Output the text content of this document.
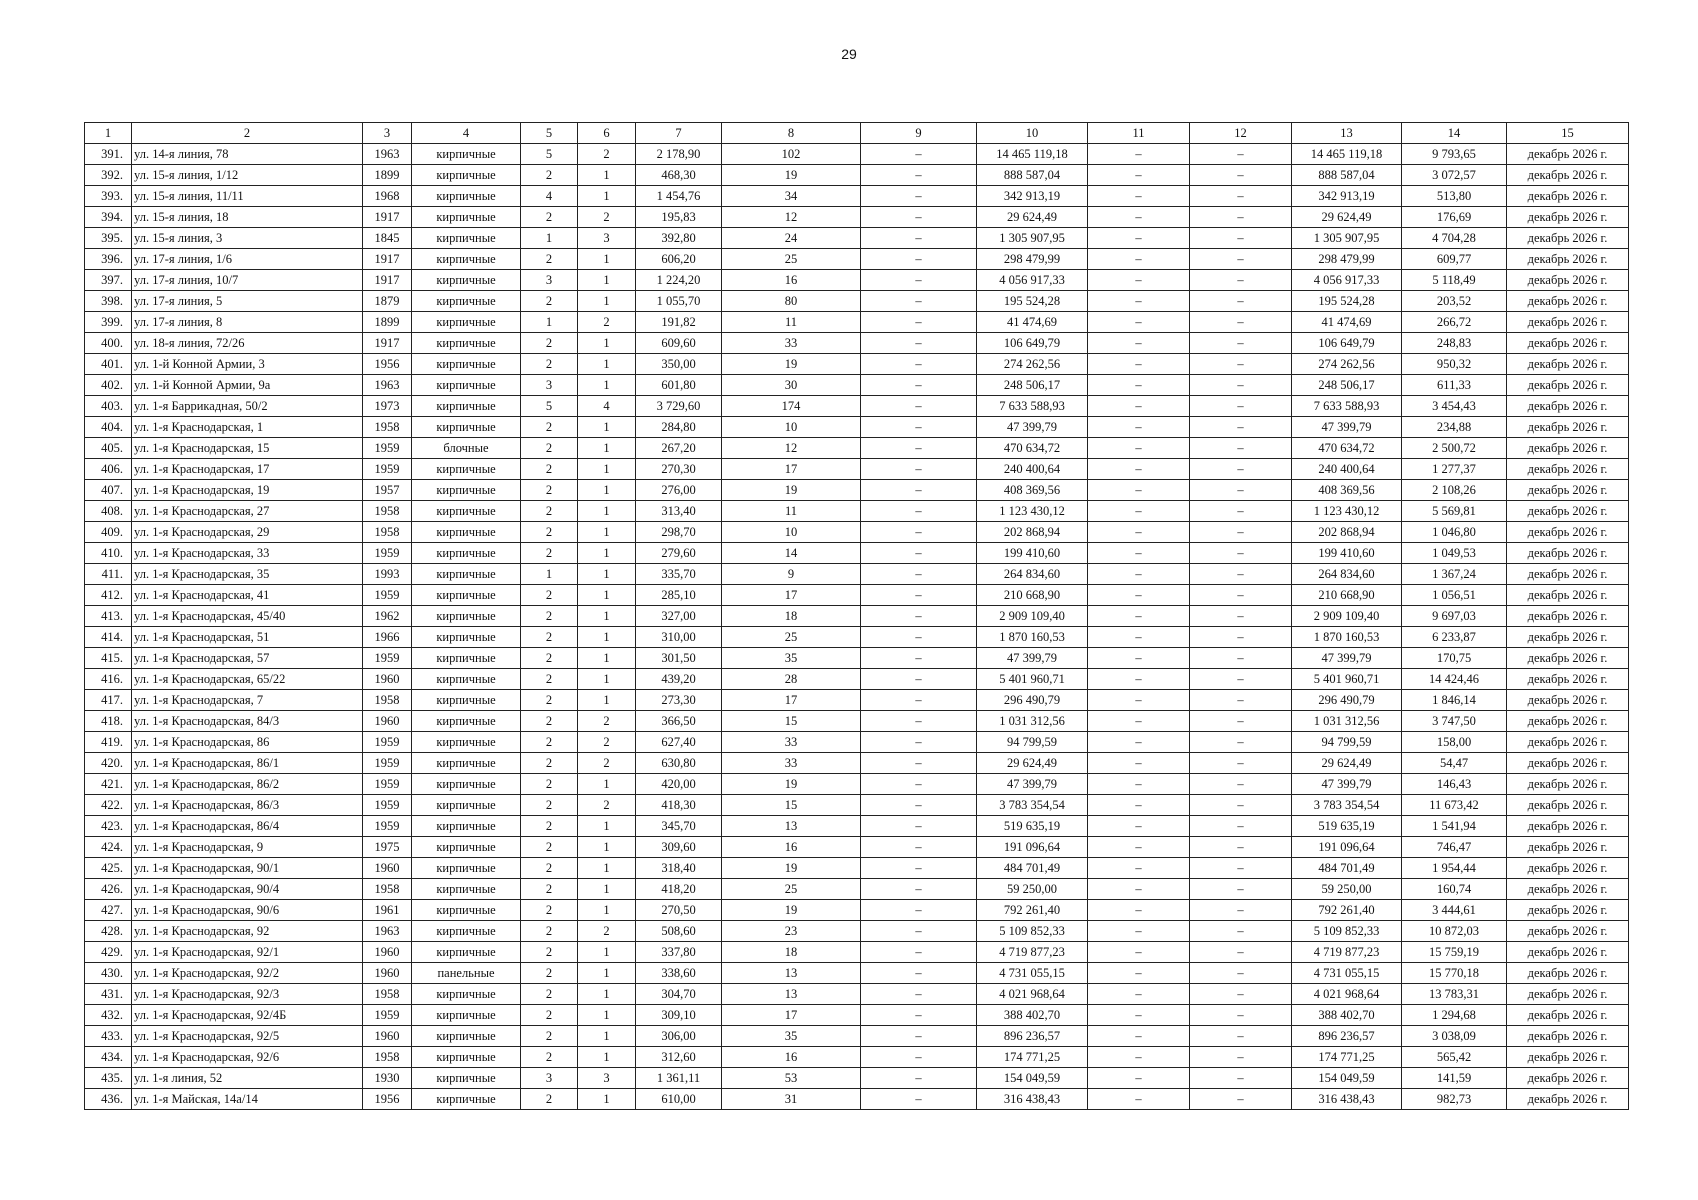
29
1	2	3	4	5	6	7	8	9	10	11	12	13	14	15
391.	ул. 14-я линия, 78	1963	кирпичные	5	2	2 178,90	102	–	14 465 119,18	–	–	14 465 119,18	9 793,65	декабрь 2026 г.
392.	ул. 15-я линия, 1/12	1899	кирпичные	2	1	468,30	19	–	888 587,04	–	–	888 587,04	3 072,57	декабрь 2026 г.
393.	ул. 15-я линия, 11/11	1968	кирпичные	4	1	1 454,76	34	–	342 913,19	–	–	342 913,19	513,80	декабрь 2026 г.
394.	ул. 15-я линия, 18	1917	кирпичные	2	2	195,83	12	–	29 624,49	–	–	29 624,49	176,69	декабрь 2026 г.
395.	ул. 15-я линия, 3	1845	кирпичные	1	3	392,80	24	–	1 305 907,95	–	–	1 305 907,95	4 704,28	декабрь 2026 г.
396.	ул. 17-я линия, 1/6	1917	кирпичные	2	1	606,20	25	–	298 479,99	–	–	298 479,99	609,77	декабрь 2026 г.
397.	ул. 17-я линия, 10/7	1917	кирпичные	3	1	1 224,20	16	–	4 056 917,33	–	–	4 056 917,33	5 118,49	декабрь 2026 г.
398.	ул. 17-я линия, 5	1879	кирпичные	2	1	1 055,70	80	–	195 524,28	–	–	195 524,28	203,52	декабрь 2026 г.
399.	ул. 17-я линия, 8	1899	кирпичные	1	2	191,82	11	–	41 474,69	–	–	41 474,69	266,72	декабрь 2026 г.
400.	ул. 18-я линия, 72/26	1917	кирпичные	2	1	609,60	33	–	106 649,79	–	–	106 649,79	248,83	декабрь 2026 г.
401.	ул. 1-й Конной Армии, 3	1956	кирпичные	2	1	350,00	19	–	274 262,56	–	–	274 262,56	950,32	декабрь 2026 г.
402.	ул. 1-й Конной Армии, 9а	1963	кирпичные	3	1	601,80	30	–	248 506,17	–	–	248 506,17	611,33	декабрь 2026 г.
403.	ул. 1-я Баррикадная, 50/2	1973	кирпичные	5	4	3 729,60	174	–	7 633 588,93	–	–	7 633 588,93	3 454,43	декабрь 2026 г.
404.	ул. 1-я Краснодарская, 1	1958	кирпичные	2	1	284,80	10	–	47 399,79	–	–	47 399,79	234,88	декабрь 2026 г.
405.	ул. 1-я Краснодарская, 15	1959	блочные	2	1	267,20	12	–	470 634,72	–	–	470 634,72	2 500,72	декабрь 2026 г.
406.	ул. 1-я Краснодарская, 17	1959	кирпичные	2	1	270,30	17	–	240 400,64	–	–	240 400,64	1 277,37	декабрь 2026 г.
407.	ул. 1-я Краснодарская, 19	1957	кирпичные	2	1	276,00	19	–	408 369,56	–	–	408 369,56	2 108,26	декабрь 2026 г.
408.	ул. 1-я Краснодарская, 27	1958	кирпичные	2	1	313,40	11	–	1 123 430,12	–	–	1 123 430,12	5 569,81	декабрь 2026 г.
409.	ул. 1-я Краснодарская, 29	1958	кирпичные	2	1	298,70	10	–	202 868,94	–	–	202 868,94	1 046,80	декабрь 2026 г.
410.	ул. 1-я Краснодарская, 33	1959	кирпичные	2	1	279,60	14	–	199 410,60	–	–	199 410,60	1 049,53	декабрь 2026 г.
411.	ул. 1-я Краснодарская, 35	1993	кирпичные	1	1	335,70	9	–	264 834,60	–	–	264 834,60	1 367,24	декабрь 2026 г.
412.	ул. 1-я Краснодарская, 41	1959	кирпичные	2	1	285,10	17	–	210 668,90	–	–	210 668,90	1 056,51	декабрь 2026 г.
413.	ул. 1-я Краснодарская, 45/40	1962	кирпичные	2	1	327,00	18	–	2 909 109,40	–	–	2 909 109,40	9 697,03	декабрь 2026 г.
414.	ул. 1-я Краснодарская, 51	1966	кирпичные	2	1	310,00	25	–	1 870 160,53	–	–	1 870 160,53	6 233,87	декабрь 2026 г.
415.	ул. 1-я Краснодарская, 57	1959	кирпичные	2	1	301,50	35	–	47 399,79	–	–	47 399,79	170,75	декабрь 2026 г.
416.	ул. 1-я Краснодарская, 65/22	1960	кирпичные	2	1	439,20	28	–	5 401 960,71	–	–	5 401 960,71	14 424,46	декабрь 2026 г.
417.	ул. 1-я Краснодарская, 7	1958	кирпичные	2	1	273,30	17	–	296 490,79	–	–	296 490,79	1 846,14	декабрь 2026 г.
418.	ул. 1-я Краснодарская, 84/3	1960	кирпичные	2	2	366,50	15	–	1 031 312,56	–	–	1 031 312,56	3 747,50	декабрь 2026 г.
419.	ул. 1-я Краснодарская, 86	1959	кирпичные	2	2	627,40	33	–	94 799,59	–	–	94 799,59	158,00	декабрь 2026 г.
420.	ул. 1-я Краснодарская, 86/1	1959	кирпичные	2	2	630,80	33	–	29 624,49	–	–	29 624,49	54,47	декабрь 2026 г.
421.	ул. 1-я Краснодарская, 86/2	1959	кирпичные	2	1	420,00	19	–	47 399,79	–	–	47 399,79	146,43	декабрь 2026 г.
422.	ул. 1-я Краснодарская, 86/3	1959	кирпичные	2	2	418,30	15	–	3 783 354,54	–	–	3 783 354,54	11 673,42	декабрь 2026 г.
423.	ул. 1-я Краснодарская, 86/4	1959	кирпичные	2	1	345,70	13	–	519 635,19	–	–	519 635,19	1 541,94	декабрь 2026 г.
424.	ул. 1-я Краснодарская, 9	1975	кирпичные	2	1	309,60	16	–	191 096,64	–	–	191 096,64	746,47	декабрь 2026 г.
425.	ул. 1-я Краснодарская, 90/1	1960	кирпичные	2	1	318,40	19	–	484 701,49	–	–	484 701,49	1 954,44	декабрь 2026 г.
426.	ул. 1-я Краснодарская, 90/4	1958	кирпичные	2	1	418,20	25	–	59 250,00	–	–	59 250,00	160,74	декабрь 2026 г.
427.	ул. 1-я Краснодарская, 90/6	1961	кирпичные	2	1	270,50	19	–	792 261,40	–	–	792 261,40	3 444,61	декабрь 2026 г.
428.	ул. 1-я Краснодарская, 92	1963	кирпичные	2	2	508,60	23	–	5 109 852,33	–	–	5 109 852,33	10 872,03	декабрь 2026 г.
429.	ул. 1-я Краснодарская, 92/1	1960	кирпичные	2	1	337,80	18	–	4 719 877,23	–	–	4 719 877,23	15 759,19	декабрь 2026 г.
430.	ул. 1-я Краснодарская, 92/2	1960	панельные	2	1	338,60	13	–	4 731 055,15	–	–	4 731 055,15	15 770,18	декабрь 2026 г.
431.	ул. 1-я Краснодарская, 92/3	1958	кирпичные	2	1	304,70	13	–	4 021 968,64	–	–	4 021 968,64	13 783,31	декабрь 2026 г.
432.	ул. 1-я Краснодарская, 92/4Б	1959	кирпичные	2	1	309,10	17	–	388 402,70	–	–	388 402,70	1 294,68	декабрь 2026 г.
433.	ул. 1-я Краснодарская, 92/5	1960	кирпичные	2	1	306,00	35	–	896 236,57	–	–	896 236,57	3 038,09	декабрь 2026 г.
434.	ул. 1-я Краснодарская, 92/6	1958	кирпичные	2	1	312,60	16	–	174 771,25	–	–	174 771,25	565,42	декабрь 2026 г.
435.	ул. 1-я линия, 52	1930	кирпичные	3	3	1 361,11	53	–	154 049,59	–	–	154 049,59	141,59	декабрь 2026 г.
436.	ул. 1-я Майская, 14а/14	1956	кирпичные	2	1	610,00	31	–	316 438,43	–	–	316 438,43	982,73	декабрь 2026 г.
